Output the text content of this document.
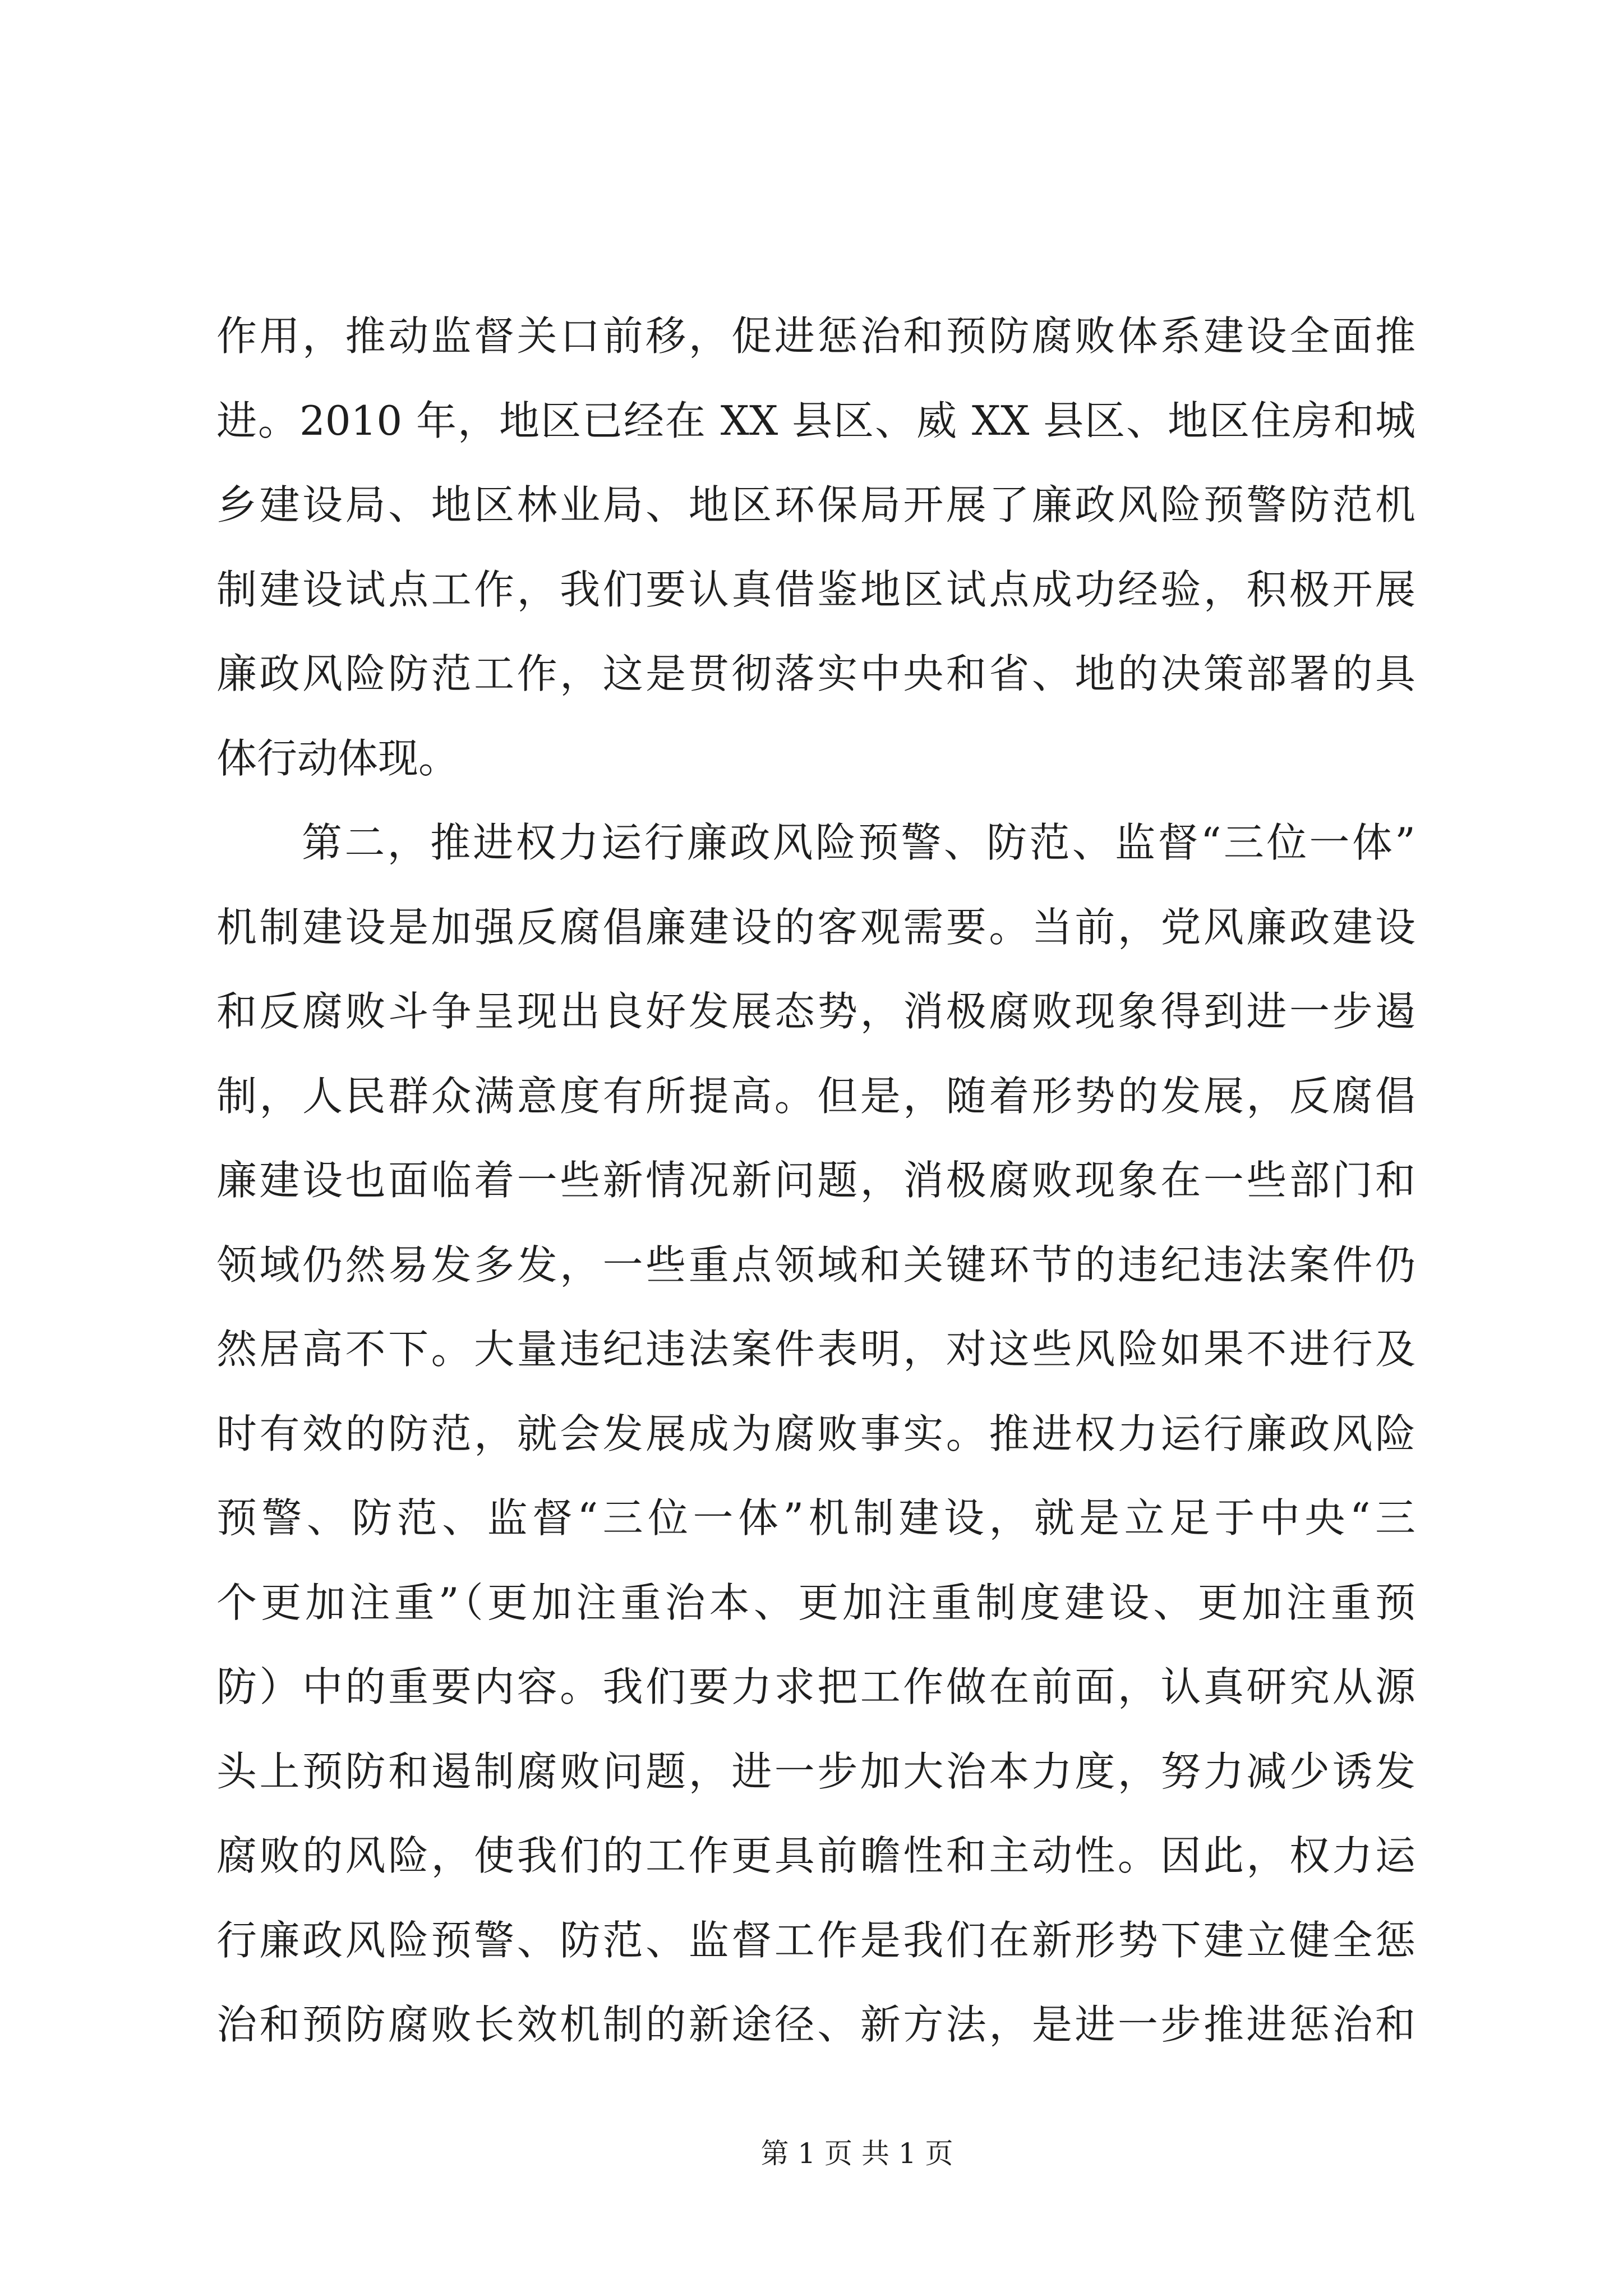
作用，推动监督关口前移，促进惩治和预防腐败体系建设全面推
进。2010 年，地区已经在 XX 县区、威 XX 县区、地区住房和城
乡建设局、地区林业局、地区环保局开展了廉政风险预警防范机
制建设试点工作，我们要认真借鉴地区试点成功经验，积极开展
廉政风险防范工作，这是贯彻落实中央和省、地的决策部署的具
体行动体现。
第二，推进权力运行廉政风险预警、防范、监督“三位一体”
机制建设是加强反腐倡廉建设的客观需要。当前，党风廉政建设
和反腐败斗争呈现出良好发展态势，消极腐败现象得到进一步遏
制，人民群众满意度有所提高。但是，随着形势的发展，反腐倡
廉建设也面临着一些新情况新问题，消极腐败现象在一些部门和
领域仍然易发多发，一些重点领域和关键环节的违纪违法案件仍
然居高不下。大量违纪违法案件表明，对这些风险如果不进行及
时有效的防范，就会发展成为腐败事实。推进权力运行廉政风险
预警、防范、监督“三位一体”机制建设，就是立足于中央“三
个更加注重”（更加注重治本、更加注重制度建设、更加注重预
防）中的重要内容。我们要力求把工作做在前面，认真研究从源
头上预防和遏制腐败问题，进一步加大治本力度，努力减少诱发
腐败的风险，使我们的工作更具前瞻性和主动性。因此，权力运
行廉政风险预警、防范、监督工作是我们在新形势下建立健全惩
治和预防腐败长效机制的新途径、新方法，是进一步推进惩治和
第 1 页 共 1 页
